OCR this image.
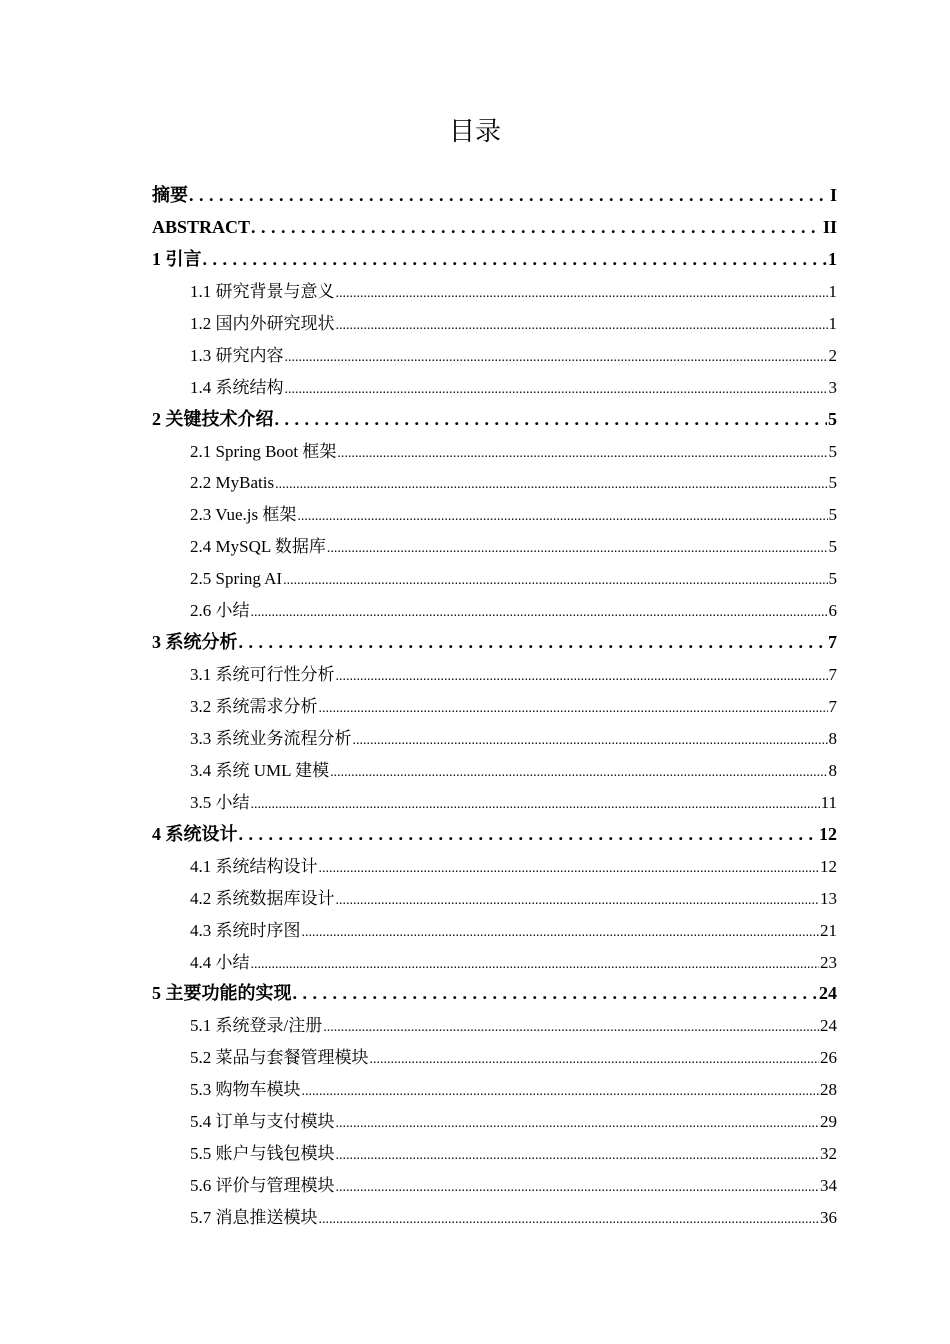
目录
摘要 . . .	I
ABSTRACT . . .	II
1 引言 . . .	1
1.1 研究背景与意义 .....	1
1.2 国内外研究现状 .....	1
1.3 研究内容 .....	2
1.4 系统结构 .....	3
2 关键技术介绍 . . .	5
2.1 Spring Boot 框架 .....	5
2.2 MyBatis .....	5
2.3 Vue.js 框架 .....	5
2.4 MySQL 数据库 .....	5
2.5 Spring AI .....	5
2.6 小结 .....	6
3 系统分析 . . .	7
3.1 系统可行性分析 .....	7
3.2 系统需求分析 .....	7
3.3 系统业务流程分析 .....	8
3.4 系统 UML 建模 .....	8
3.5 小结 .....	11
4 系统设计 . . .	12
4.1 系统结构设计 .....	12
4.2 系统数据库设计 .....	13
4.3 系统时序图 .....	21
4.4 小结 .....	23
5 主要功能的实现 . . .	24
5.1 系统登录/注册 .....	24
5.2 菜品与套餐管理模块 .....	26
5.3 购物车模块 .....	28
5.4 订单与支付模块 .....	29
5.5 账户与钱包模块 .....	32
5.6 评价与管理模块 .....	34
5.7 消息推送模块 .....	36
